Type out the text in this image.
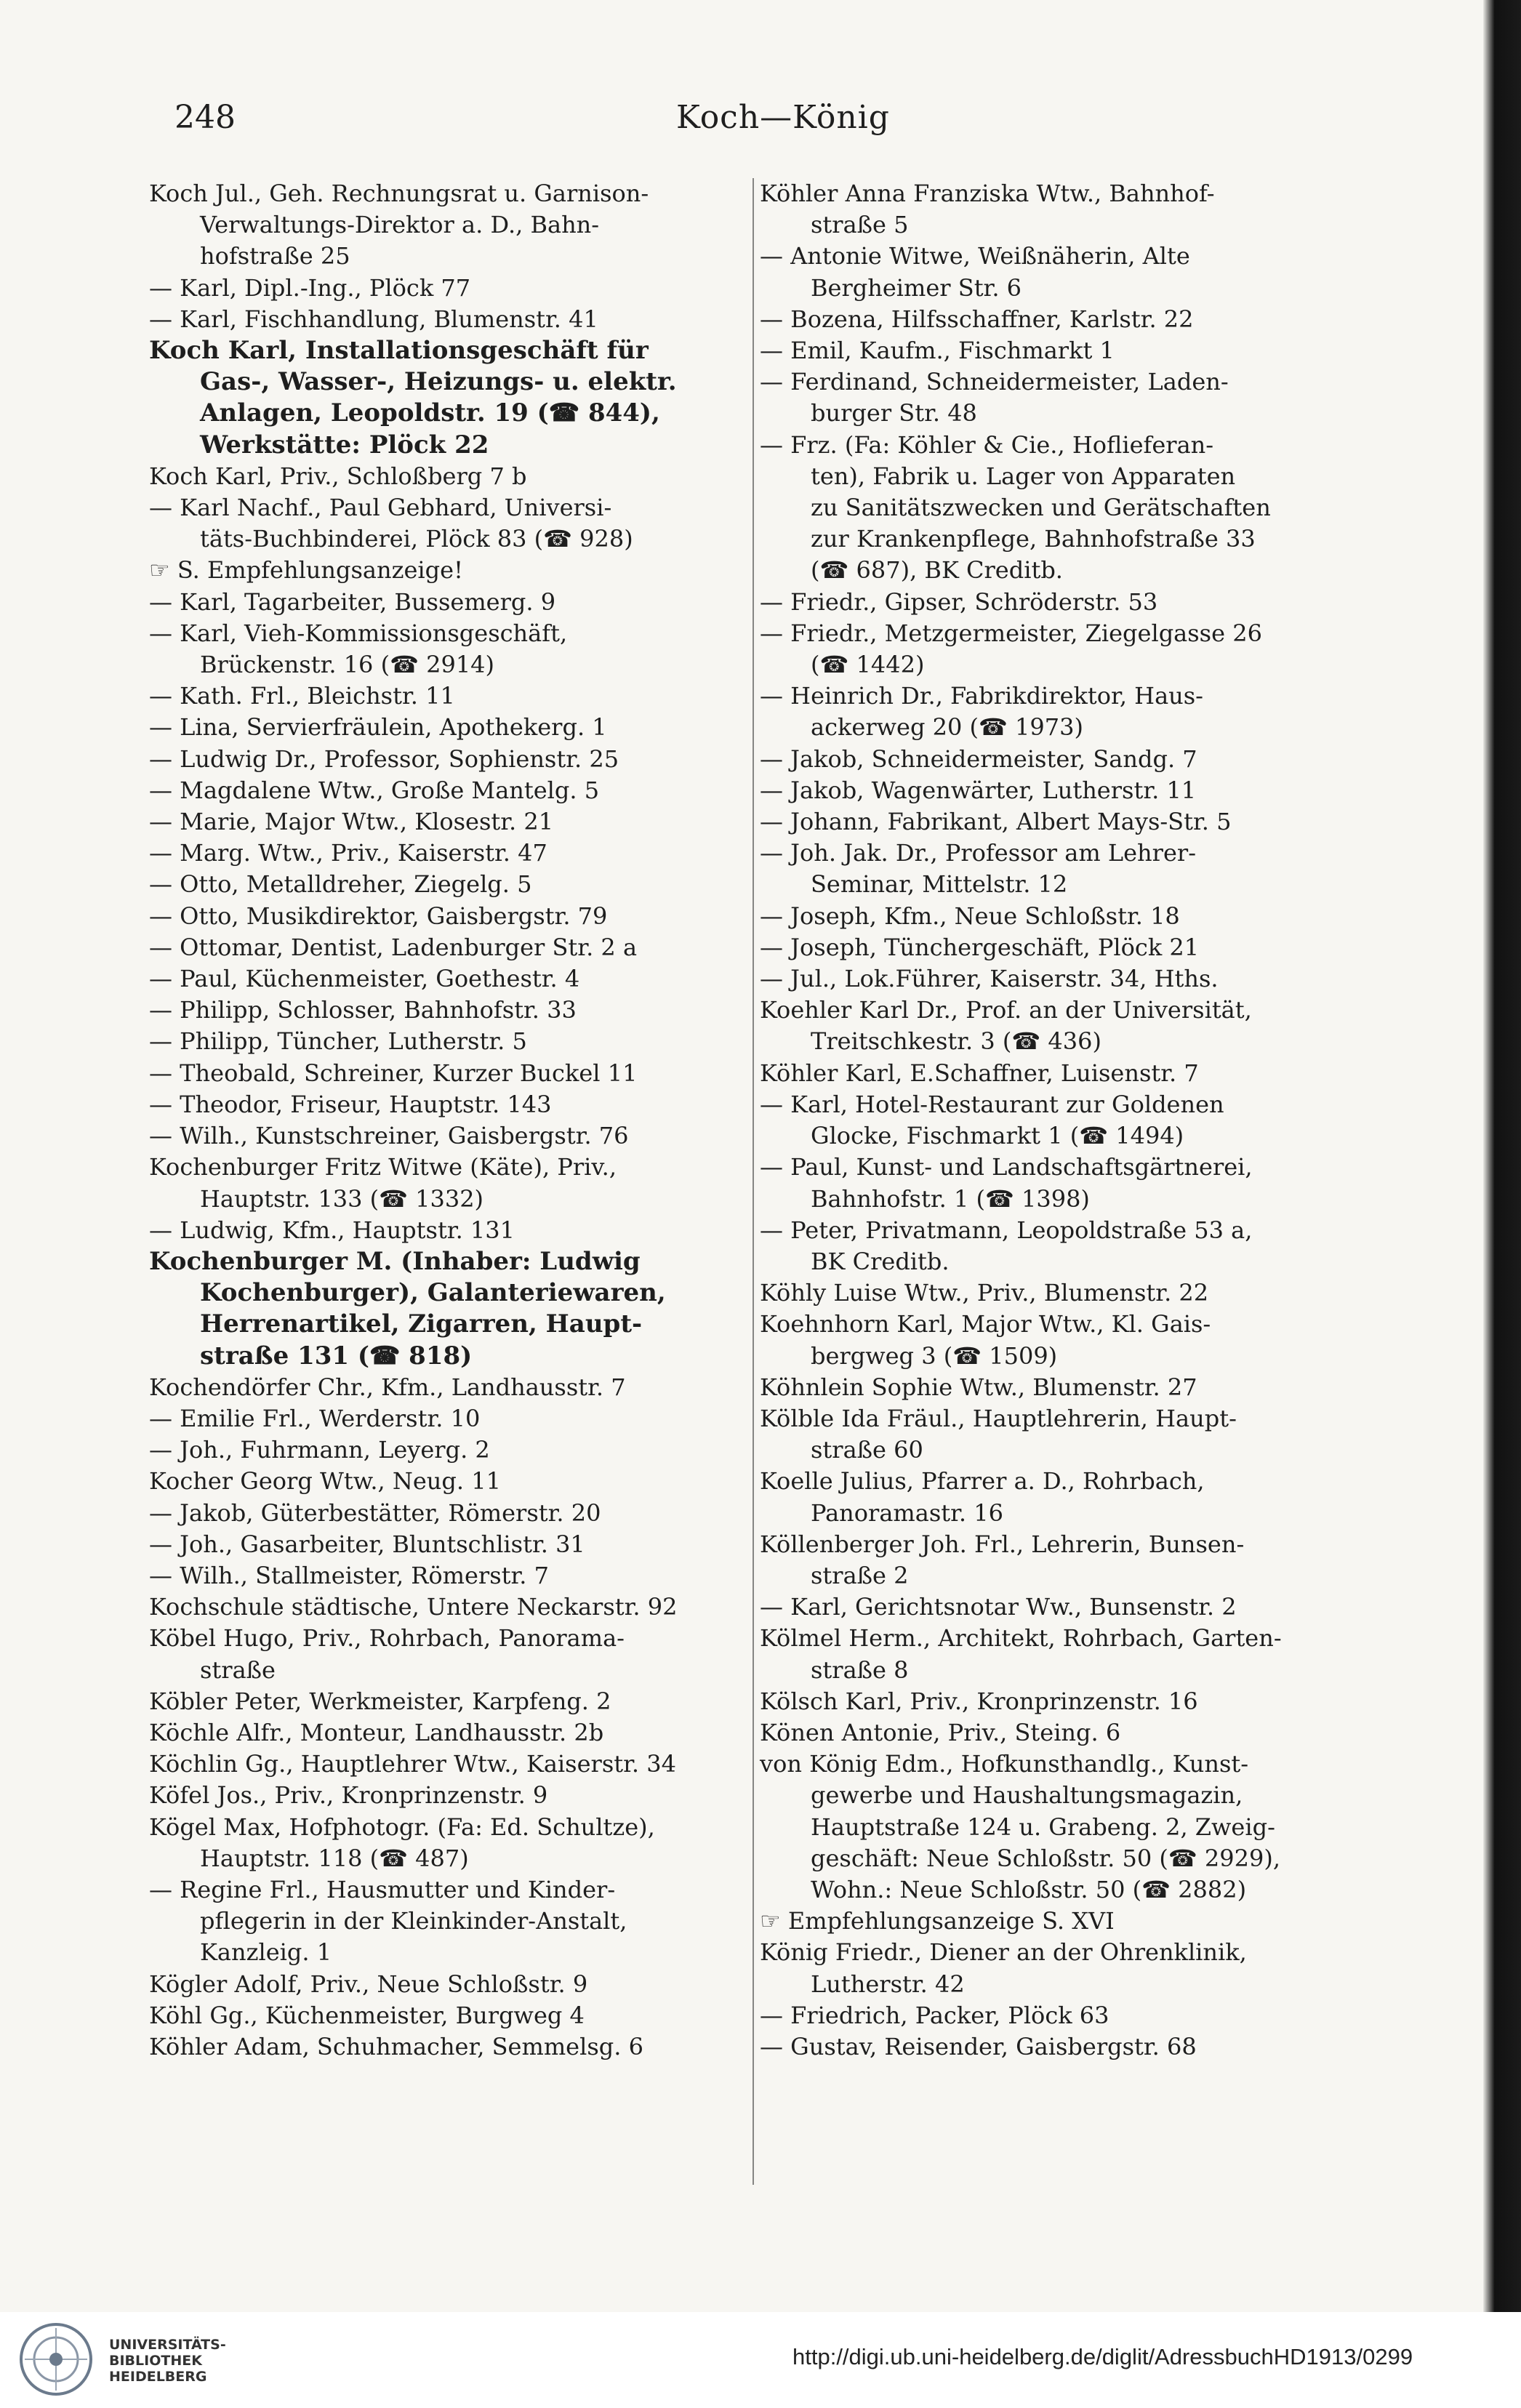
248	Koch—König
Koch Jul., Geh. Rechnungsrat u. Garnison-
Verwaltungs-Direktor a. D., Bahn-
hofstraße 25
— Karl, Dipl.-Ing., Plöck 77
— Karl, Fischhandlung, Blumenstr. 41
Koch Karl, Installationsgeschäft für
Gas-, Wasser-, Heizungs- u. elektr.
Anlagen, Leopoldstr. 19 (☎ 844),
Werkstätte: Plöck 22
Koch Karl, Priv., Schloßberg 7 b
— Karl Nachf., Paul Gebhard, Universi-
täts-Buchbinderei, Plöck 83 (☎ 928)
☞ S. Empfehlungsanzeige!
— Karl, Tagarbeiter, Bussemerg. 9
— Karl, Vieh-Kommissionsgeschäft,
Brückenstr. 16 (☎ 2914)
— Kath. Frl., Bleichstr. 11
— Lina, Servierfräulein, Apothekerg. 1
— Ludwig Dr., Professor, Sophienstr. 25
— Magdalene Wtw., Große Mantelg. 5
— Marie, Major Wtw., Klosestr. 21
— Marg. Wtw., Priv., Kaiserstr. 47
— Otto, Metalldreher, Ziegelg. 5
— Otto, Musikdirektor, Gaisbergstr. 79
— Ottomar, Dentist, Ladenburger Str. 2 a
— Paul, Küchenmeister, Goethestr. 4
— Philipp, Schlosser, Bahnhofstr. 33
— Philipp, Tüncher, Lutherstr. 5
— Theobald, Schreiner, Kurzer Buckel 11
— Theodor, Friseur, Hauptstr. 143
— Wilh., Kunstschreiner, Gaisbergstr. 76
Kochenburger Fritz Witwe (Käte), Priv.,
Hauptstr. 133 (☎ 1332)
— Ludwig, Kfm., Hauptstr. 131
Kochenburger M. (Inhaber: Ludwig
Kochenburger), Galanteriewaren,
Herrenartikel, Zigarren, Haupt-
straße 131 (☎ 818)
Kochendörfer Chr., Kfm., Landhausstr. 7
— Emilie Frl., Werderstr. 10
— Joh., Fuhrmann, Leyerg. 2
Kocher Georg Wtw., Neug. 11
— Jakob, Güterbestätter, Römerstr. 20
— Joh., Gasarbeiter, Bluntschlistr. 31
— Wilh., Stallmeister, Römerstr. 7
Kochschule städtische, Untere Neckarstr. 92
Köbel Hugo, Priv., Rohrbach, Panorama-
straße
Köbler Peter, Werkmeister, Karpfeng. 2
Köchle Alfr., Monteur, Landhausstr. 2b
Köchlin Gg., Hauptlehrer Wtw., Kaiserstr. 34
Köfel Jos., Priv., Kronprinzenstr. 9
Kögel Max, Hofphotogr. (Fa: Ed. Schultze),
Hauptstr. 118 (☎ 487)
— Regine Frl., Hausmutter und Kinder-
pflegerin in der Kleinkinder-Anstalt,
Kanzleig. 1
Kögler Adolf, Priv., Neue Schloßstr. 9
Köhl Gg., Küchenmeister, Burgweg 4
Köhler Adam, Schuhmacher, Semmelsg. 6
Köhler Anna Franziska Wtw., Bahnhof-
straße 5
— Antonie Witwe, Weißnäherin, Alte
Bergheimer Str. 6
— Bozena, Hilfsschaffner, Karlstr. 22
— Emil, Kaufm., Fischmarkt 1
— Ferdinand, Schneidermeister, Laden-
burger Str. 48
— Frz. (Fa: Köhler & Cie., Hoflieferan-
ten), Fabrik u. Lager von Apparaten
zu Sanitätszwecken und Gerätschaften
zur Krankenpflege, Bahnhofstraße 33
(☎ 687), BK Creditb.
— Friedr., Gipser, Schröderstr. 53
— Friedr., Metzgermeister, Ziegelgasse 26
(☎ 1442)
— Heinrich Dr., Fabrikdirektor, Haus-
ackerweg 20 (☎ 1973)
— Jakob, Schneidermeister, Sandg. 7
— Jakob, Wagenwärter, Lutherstr. 11
— Johann, Fabrikant, Albert Mays-Str. 5
— Joh. Jak. Dr., Professor am Lehrer-
Seminar, Mittelstr. 12
— Joseph, Kfm., Neue Schloßstr. 18
— Joseph, Tünchergeschäft, Plöck 21
— Jul., Lok.Führer, Kaiserstr. 34, Hths.
Koehler Karl Dr., Prof. an der Universität,
Treitschkestr. 3 (☎ 436)
Köhler Karl, E.Schaffner, Luisenstr. 7
— Karl, Hotel-Restaurant zur Goldenen
Glocke, Fischmarkt 1 (☎ 1494)
— Paul, Kunst- und Landschaftsgärtnerei,
Bahnhofstr. 1 (☎ 1398)
— Peter, Privatmann, Leopoldstraße 53 a,
BK Creditb.
Köhly Luise Wtw., Priv., Blumenstr. 22
Koehnhorn Karl, Major Wtw., Kl. Gais-
bergweg 3 (☎ 1509)
Köhnlein Sophie Wtw., Blumenstr. 27
Kölble Ida Fräul., Hauptlehrerin, Haupt-
straße 60
Koelle Julius, Pfarrer a. D., Rohrbach,
Panoramastr. 16
Köllenberger Joh. Frl., Lehrerin, Bunsen-
straße 2
— Karl, Gerichtsnotar Ww., Bunsenstr. 2
Kölmel Herm., Architekt, Rohrbach, Garten-
straße 8
Kölsch Karl, Priv., Kronprinzenstr. 16
Könen Antonie, Priv., Steing. 6
von König Edm., Hofkunsthandlg., Kunst-
gewerbe und Haushaltungsmagazin,
Hauptstraße 124 u. Grabeng. 2, Zweig-
geschäft: Neue Schloßstr. 50 (☎ 2929),
Wohn.: Neue Schloßstr. 50 (☎ 2882)
☞ Empfehlungsanzeige S. XVI
König Friedr., Diener an der Ohrenklinik,
Lutherstr. 42
— Friedrich, Packer, Plöck 63
— Gustav, Reisender, Gaisbergstr. 68
UNIVERSITÄTS-
BIBLIOTHEK
HEIDELBERG
http://digi.ub.uni-heidelberg.de/diglit/AdressbuchHD1913/0299
